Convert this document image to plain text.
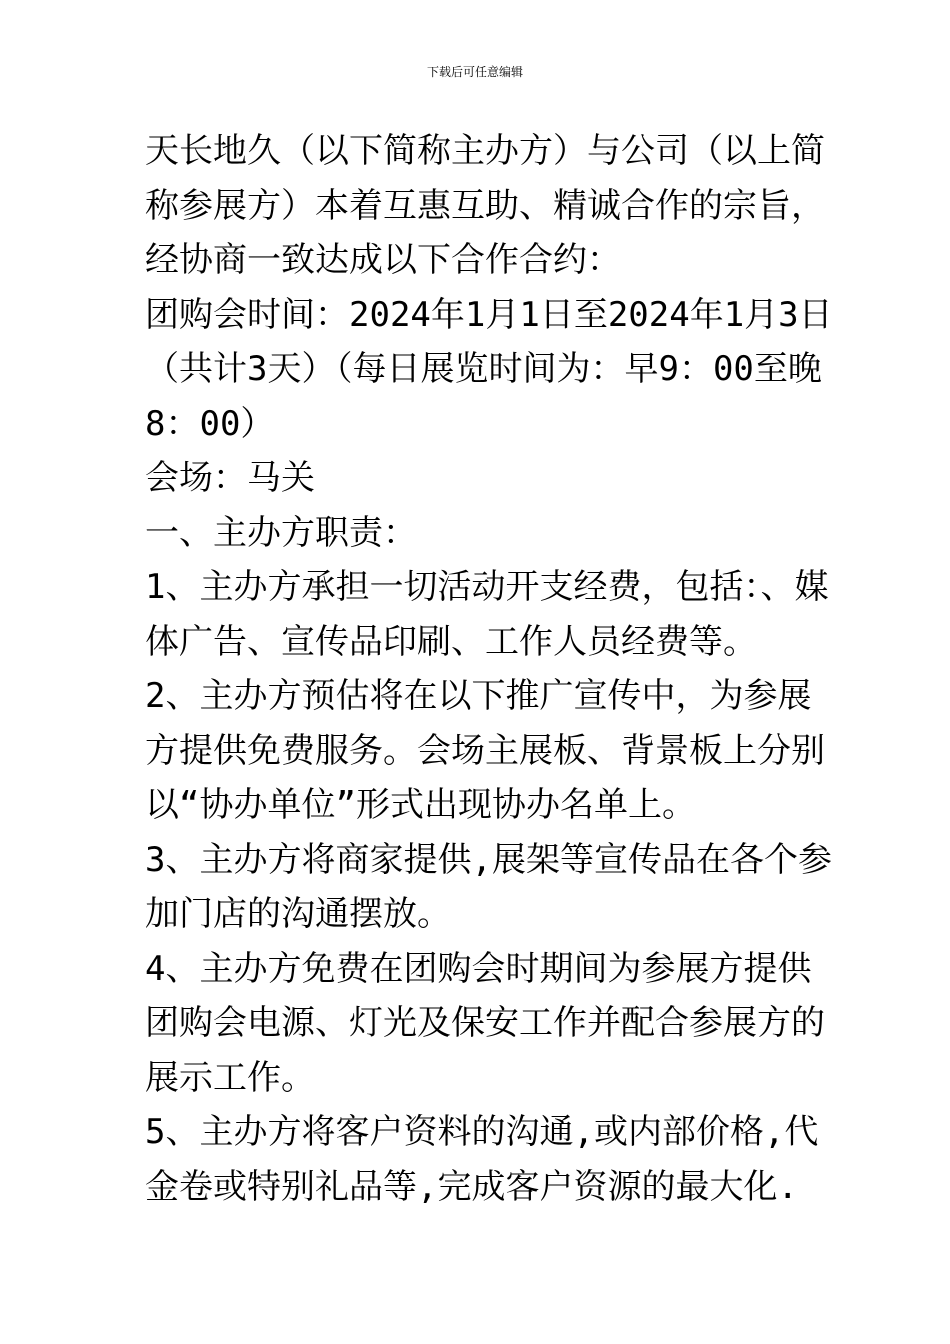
下载后可任意编辑

天长地久（以下简称主办方）与公司（以上简称参展方）本着互惠互助、精诚合作的宗旨，经协商一致达成以下合作合约：

团购会时间：2024年1月1日至2024年1月3日（共计3天）（每日展览时间为：早9：00至晚8：00）

会场：马关

一、主办方职责：

1、主办方承担一切活动开支经费，包括：、媒体广告、宣传品印刷、工作人员经费等。

2、主办方预估将在以下推广宣传中，为参展方提供免费服务。会场主展板、背景板上分别以“协办单位”形式出现协办名单上。

3、主办方将商家提供,展架等宣传品在各个参加门店的沟通摆放。

4、主办方免费在团购会时期间为参展方提供团购会电源、灯光及保安工作并配合参展方的展示工作。

5、主办方将客户资料的沟通,或内部价格,代金卷或特别礼品等,完成客户资源的最大化.
